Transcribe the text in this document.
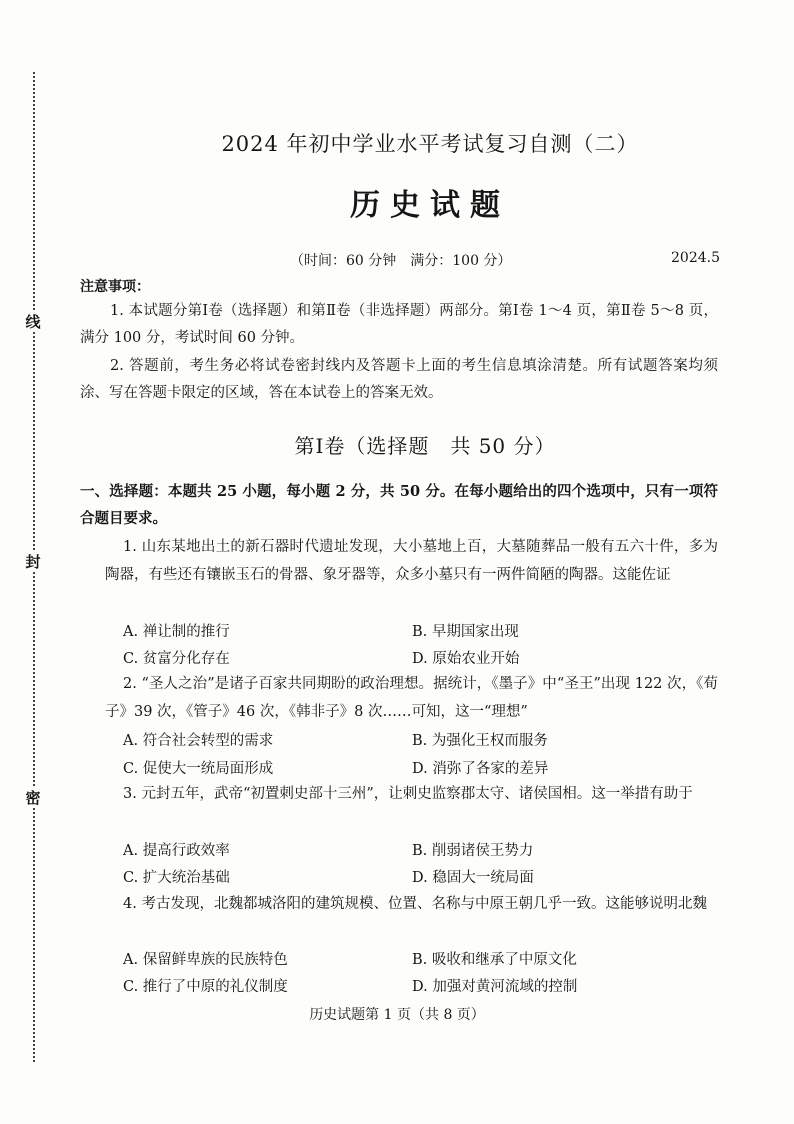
线
封
密
2024 年初中学业水平考试复习自测（二）
历史试题
（时间：60 分钟　满分：100 分）	2024.5
注意事项：
1. 本试题分第Ⅰ卷（选择题）和第Ⅱ卷（非选择题）两部分。第Ⅰ卷 1～4 页，第Ⅱ卷 5～8 页，满分 100 分，考试时间 60 分钟。
2. 答题前，考生务必将试卷密封线内及答题卡上面的考生信息填涂清楚。所有试题答案均须涂、写在答题卡限定的区域，答在本试卷上的答案无效。
第Ⅰ卷（选择题　共 50 分）
一、选择题：本题共 25 小题，每小题 2 分，共 50 分。在每小题给出的四个选项中，只有一项符合题目要求。
1. 山东某地出土的新石器时代遗址发现，大小墓地上百，大墓随葬品一般有五六十件，多为陶器，有些还有镶嵌玉石的骨器、象牙器等，众多小墓只有一两件简陋的陶器。这能佐证
A. 禅让制的推行	B. 早期国家出现
C. 贫富分化存在	D. 原始农业开始
2. “圣人之治”是诸子百家共同期盼的政治理想。据统计，《墨子》中“圣王”出现 122 次，《荀子》39 次，《管子》46 次，《韩非子》8 次……可知，这一“理想”
A. 符合社会转型的需求	B. 为强化王权而服务
C. 促使大一统局面形成	D. 消弥了各家的差异
3. 元封五年，武帝“初置刺史部十三州”，让刺史监察郡太守、诸侯国相。这一举措有助于
A. 提高行政效率	B. 削弱诸侯王势力
C. 扩大统治基础	D. 稳固大一统局面
4. 考古发现，北魏都城洛阳的建筑规模、位置、名称与中原王朝几乎一致。这能够说明北魏
A. 保留鲜卑族的民族特色	B. 吸收和继承了中原文化
C. 推行了中原的礼仪制度	D. 加强对黄河流域的控制
历史试题第 1 页（共 8 页）
